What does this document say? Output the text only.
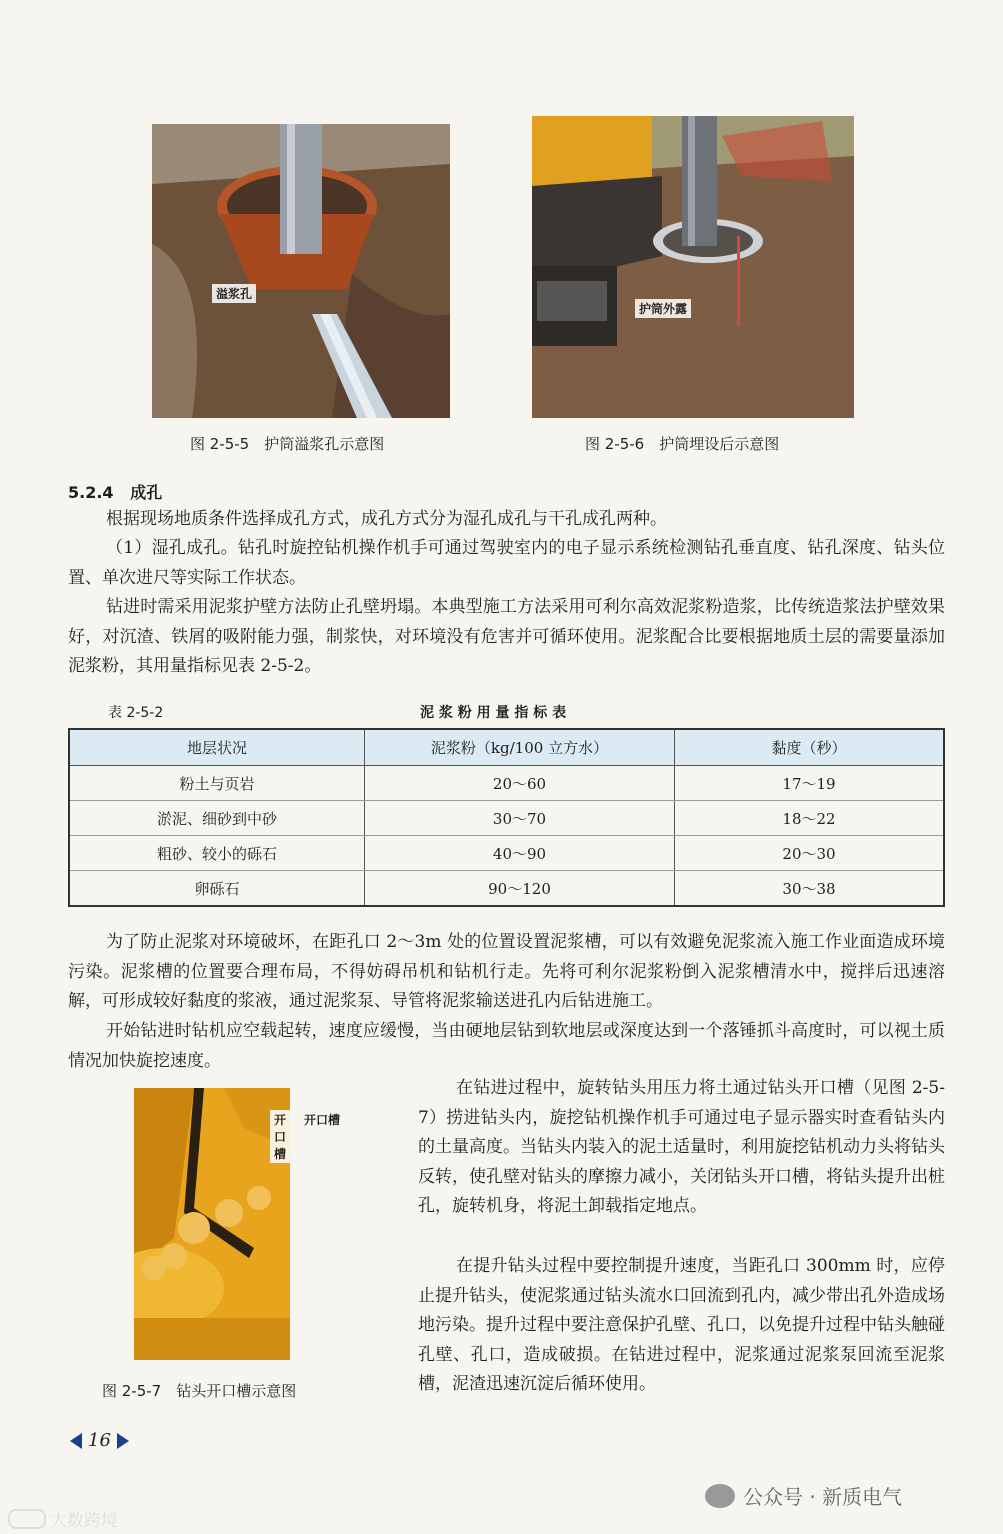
溢浆孔
图 2-5-5　护筒溢浆孔示意图
护筒外露
图 2-5-6　护筒埋设后示意图
5.2.4 成孔
根据现场地质条件选择成孔方式，成孔方式分为湿孔成孔与干孔成孔两种。
（1）湿孔成孔。钻孔时旋控钻机操作机手可通过驾驶室内的电子显示系统检测钻孔垂直度、钻孔深度、钻头位置、单次进尺等实际工作状态。
钻进时需采用泥浆护壁方法防止孔壁坍塌。本典型施工方法采用可利尔高效泥浆粉造浆，比传统造浆法护壁效果好，对沉渣、铁屑的吸附能力强，制浆快，对环境没有危害并可循环使用。泥浆配合比要根据地质土层的需要量添加泥浆粉，其用量指标见表 2-5-2。
表 2-5-2	泥 浆 粉 用 量 指 标 表
地层状况	泥浆粉（kg/100 立方水）	黏度（秒）
粉土与页岩	20～60	17～19
淤泥、细砂到中砂	30～70	18～22
粗砂、较小的砾石	40～90	20～30
卵砾石	90～120	30～38
为了防止泥浆对环境破坏，在距孔口 2～3m 处的位置设置泥浆槽，可以有效避免泥浆流入施工作业面造成环境污染。泥浆槽的位置要合理布局，不得妨碍吊机和钻机行走。先将可利尔泥浆粉倒入泥浆槽清水中，搅拌后迅速溶解，可形成较好黏度的浆液，通过泥浆泵、导管将泥浆输送进孔内后钻进施工。
开始钻进时钻机应空载起转，速度应缓慢，当由硬地层钻到软地层或深度达到一个落锤抓斗高度时，可以视土质情况加快旋挖速度。
开口槽
开口槽
图 2-5-7　钻头开口槽示意图
在钻进过程中，旋转钻头用压力将土通过钻头开口槽（见图 2-5-7）捞进钻头内，旋挖钻机操作机手可通过电子显示器实时查看钻头内的土量高度。当钻头内装入的泥土适量时，利用旋挖钻机动力头将钻头反转，使孔壁对钻头的摩擦力减小，关闭钻头开口槽，将钻头提升出桩孔，旋转机身，将泥土卸载指定地点。
在提升钻头过程中要控制提升速度，当距孔口 300mm 时，应停止提升钻头，使泥浆通过钻头流水口回流到孔内，减少带出孔外造成场地污染。提升过程中要注意保护孔壁、孔口，以免提升过程中钻头触碰孔壁、孔口，造成破损。在钻进过程中，泥浆通过泥浆泵回流至泥浆槽，泥渣迅速沉淀后循环使用。
16
公众号 · 新质电气
大数跨境
